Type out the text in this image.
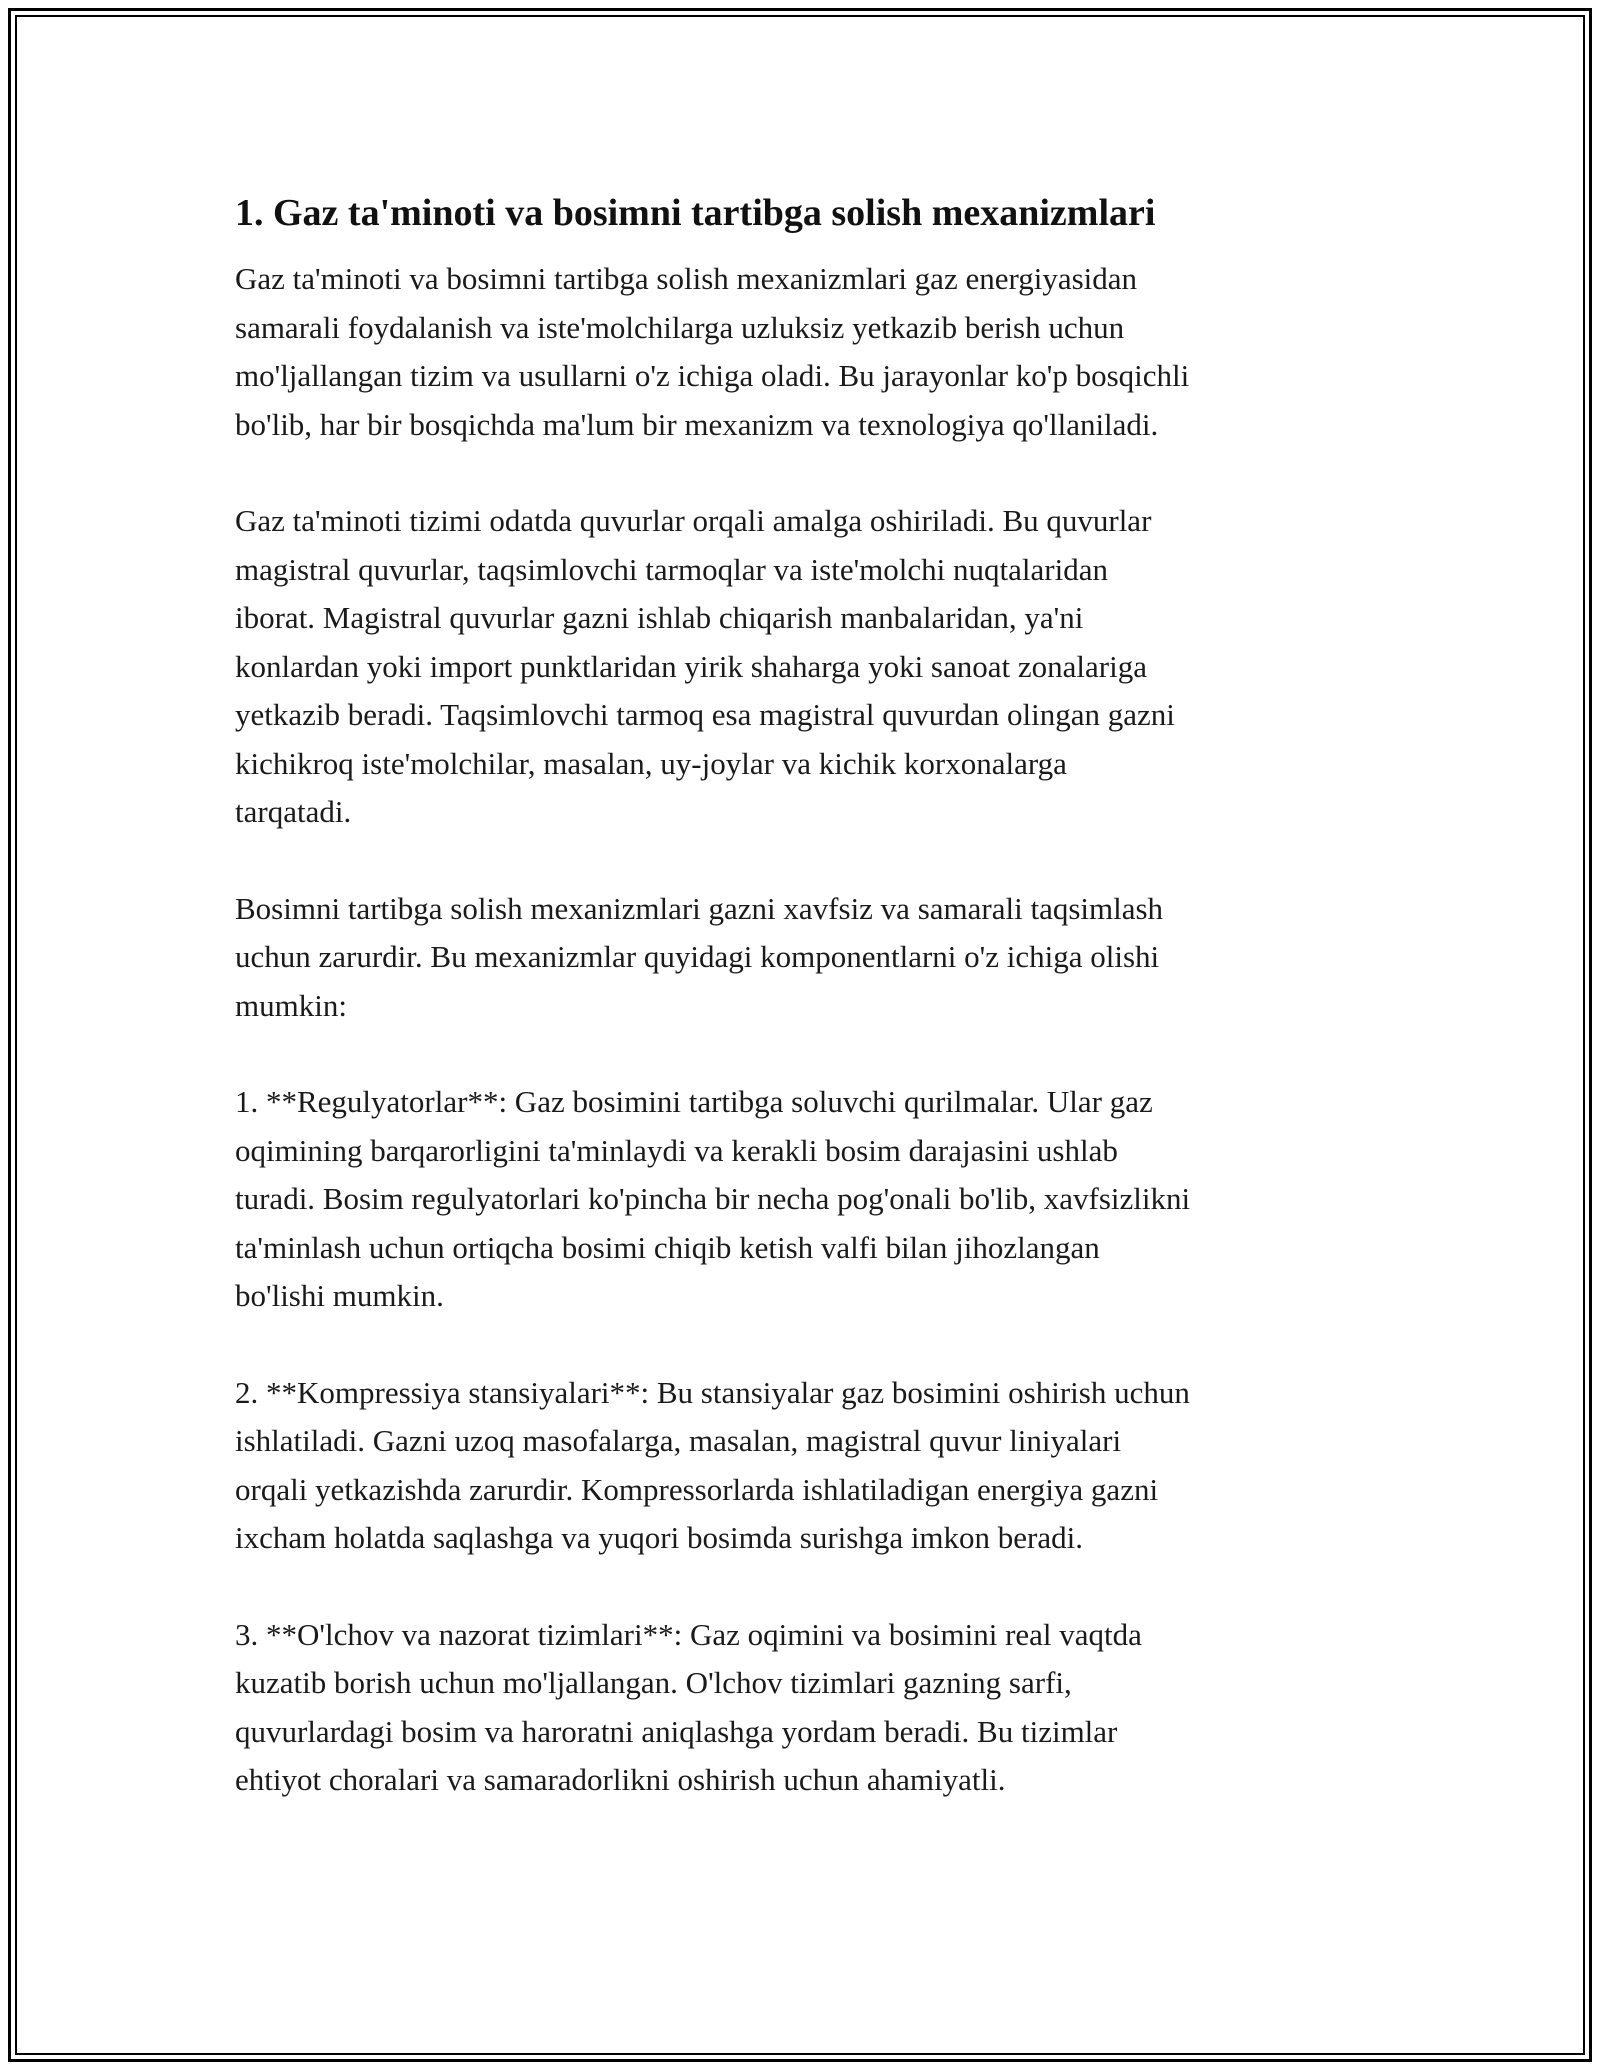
1. Gaz ta'minoti va bosimni tartibga solish mexanizmlari

Gaz ta'minoti va bosimni tartibga solish mexanizmlari gaz energiyasidan
samarali foydalanish va iste'molchilarga uzluksiz yetkazib berish uchun
mo'ljallangan tizim va usullarni o'z ichiga oladi. Bu jarayonlar ko'p bosqichli
bo'lib, har bir bosqichda ma'lum bir mexanizm va texnologiya qo'llaniladi.

Gaz ta'minoti tizimi odatda quvurlar orqali amalga oshiriladi. Bu quvurlar
magistral quvurlar, taqsimlovchi tarmoqlar va iste'molchi nuqtalaridan
iborat. Magistral quvurlar gazni ishlab chiqarish manbalaridan, ya'ni
konlardan yoki import punktlaridan yirik shaharga yoki sanoat zonalariga
yetkazib beradi. Taqsimlovchi tarmoq esa magistral quvurdan olingan gazni
kichikroq iste'molchilar, masalan, uy-joylar va kichik korxonalarga
tarqatadi.

Bosimni tartibga solish mexanizmlari gazni xavfsiz va samarali taqsimlash
uchun zarurdir. Bu mexanizmlar quyidagi komponentlarni o'z ichiga olishi
mumkin:

1. **Regulyatorlar**: Gaz bosimini tartibga soluvchi qurilmalar. Ular gaz
oqimining barqarorligini ta'minlaydi va kerakli bosim darajasini ushlab
turadi. Bosim regulyatorlari ko'pincha bir necha pog'onali bo'lib, xavfsizlikni
ta'minlash uchun ortiqcha bosimi chiqib ketish valfi bilan jihozlangan
bo'lishi mumkin.

2. **Kompressiya stansiyalari**: Bu stansiyalar gaz bosimini oshirish uchun
ishlatiladi. Gazni uzoq masofalarga, masalan, magistral quvur liniyalari
orqali yetkazishda zarurdir. Kompressorlarda ishlatiladigan energiya gazni
ixcham holatda saqlashga va yuqori bosimda surishga imkon beradi.

3. **O'lchov va nazorat tizimlari**: Gaz oqimini va bosimini real vaqtda
kuzatib borish uchun mo'ljallangan. O'lchov tizimlari gazning sarfi,
quvurlardagi bosim va haroratni aniqlashga yordam beradi. Bu tizimlar
ehtiyot choralari va samaradorlikni oshirish uchun ahamiyatli.
